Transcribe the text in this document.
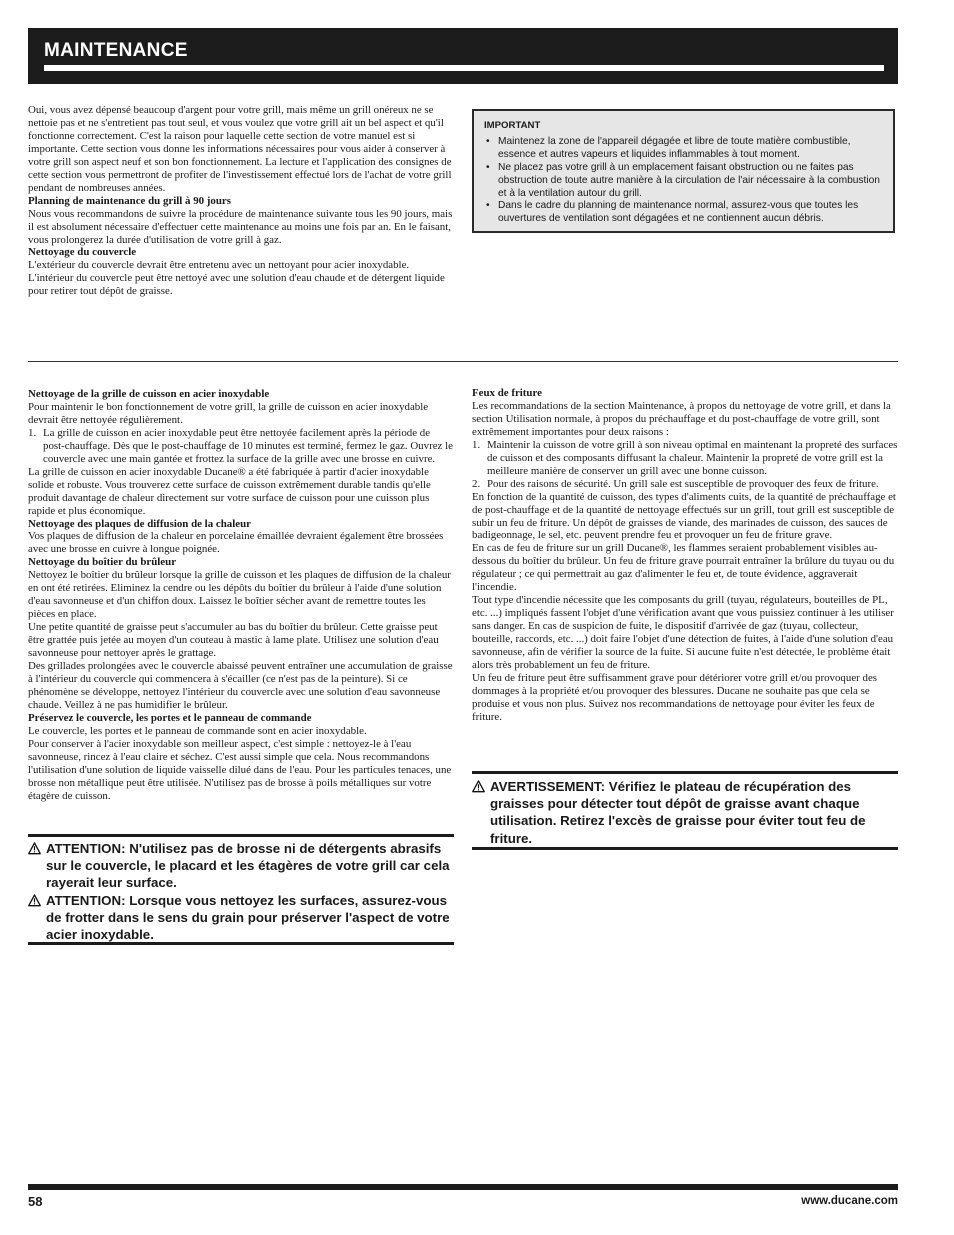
MAINTENANCE

Oui, vous avez dépensé beaucoup d'argent pour votre grill, mais même un grill onéreux ne se nettoie pas et ne s'entretient pas tout seul, et vous voulez que votre grill ait un bel aspect et qu'il fonctionne correctement. C'est la raison pour laquelle cette section de votre manuel est si importante. Cette section vous donne les informations nécessaires pour vous aider à conserver à votre grill son aspect neuf et son bon fonctionnement. La lecture et l'application des consignes de cette section vous permettront de profiter de l'investissement effectué lors de l'achat de votre grill pendant de nombreuses années.

Planning de maintenance du grill à 90 jours

Nous vous recommandons de suivre la procédure de maintenance suivante tous les 90 jours, mais il est absolument nécessaire d'effectuer cette maintenance au moins une fois par an. En le faisant, vous prolongerez la durée d'utilisation de votre grill à gaz.

Nettoyage du couvercle

L'extérieur du couvercle devrait être entretenu avec un nettoyant pour acier inoxydable. L'intérieur du couvercle peut être nettoyé avec une solution d'eau chaude et de détergent liquide pour retirer tout dépôt de graisse.

IMPORTANT
• Maintenez la zone de l'appareil dégagée et libre de toute matière combustible, essence et autres vapeurs et liquides inflammables à tout moment.
• Ne placez pas votre grill à un emplacement faisant obstruction ou ne faites pas obstruction de toute autre manière à la circulation de l'air nécessaire à la combustion et à la ventilation autour du grill.
• Dans le cadre du planning de maintenance normal, assurez-vous que toutes les ouvertures de ventilation sont dégagées et ne contiennent aucun débris.

Nettoyage de la grille de cuisson en acier inoxydable

Pour maintenir le bon fonctionnement de votre grill, la grille de cuisson en acier inoxydable devrait être nettoyée régulièrement.

1. La grille de cuisson en acier inoxydable peut être nettoyée facilement après la période de post-chauffage. Dès que le post-chauffage de 10 minutes est terminé, fermez le gaz. Ouvrez le couvercle avec une main gantée et frottez la surface de la grille avec une brosse en cuivre.

La grille de cuisson en acier inoxydable Ducane® a été fabriquée à partir d'acier inoxydable solide et robuste. Vous trouverez cette surface de cuisson extrêmement durable tandis qu'elle produit davantage de chaleur directement sur votre surface de cuisson pour une cuisson plus rapide et plus économique.

Nettoyage des plaques de diffusion de la chaleur

Vos plaques de diffusion de la chaleur en porcelaine émaillée devraient également être brossées avec une brosse en cuivre à longue poignée.

Nettoyage du boîtier du brûleur

Nettoyez le boîtier du brûleur lorsque la grille de cuisson et les plaques de diffusion de la chaleur en ont été retirées. Eliminez la cendre ou les dépôts du boîtier du brûleur à l'aide d'une solution d'eau savonneuse et d'un chiffon doux. Laissez le boîtier sécher avant de remettre toutes les pièces en place.

Une petite quantité de graisse peut s'accumuler au bas du boîtier du brûleur. Cette graisse peut être grattée puis jetée au moyen d'un couteau à mastic à lame plate. Utilisez une solution d'eau savonneuse pour nettoyer après le grattage.

Des grillades prolongées avec le couvercle abaissé peuvent entraîner une accumulation de graisse à l'intérieur du couvercle qui commencera à s'écailler (ce n'est pas de la peinture). Si ce phénomène se développe, nettoyez l'intérieur du couvercle avec une solution d'eau savonneuse chaude. Veillez à ne pas humidifier le brûleur.

Préservez le couvercle, les portes et le panneau de commande

Le couvercle, les portes et le panneau de commande sont en acier inoxydable.

Pour conserver à l'acier inoxydable son meilleur aspect, c'est simple : nettoyez-le à l'eau savonneuse, rincez à l'eau claire et séchez. C'est aussi simple que cela. Nous recommandons l'utilisation d'une solution de liquide vaisselle dilué dans de l'eau. Pour les particules tenaces, une brosse non métallique peut être utilisée. N'utilisez pas de brosse à poils métalliques sur votre étagère de cuisson.

ATTENTION: N'utilisez pas de brosse ni de détergents abrasifs sur le couvercle, le placard et les étagères de votre grill car cela rayerait leur surface.
ATTENTION: Lorsque vous nettoyez les surfaces, assurez-vous de frotter dans le sens du grain pour préserver l'aspect de votre acier inoxydable.

Feux de friture

Les recommandations de la section Maintenance, à propos du nettoyage de votre grill, et dans la section Utilisation normale, à propos du préchauffage et du post-chauffage de votre grill, sont extrêmement importantes pour deux raisons :

1. Maintenir la cuisson de votre grill à son niveau optimal en maintenant la propreté des surfaces de cuisson et des composants diffusant la chaleur. Maintenir la propreté de votre grill est la meilleure manière de conserver un grill avec une bonne cuisson.
2. Pour des raisons de sécurité. Un grill sale est susceptible de provoquer des feux de friture.

En fonction de la quantité de cuisson, des types d'aliments cuits, de la quantité de préchauffage et de post-chauffage et de la quantité de nettoyage effectués sur un grill, tout grill est susceptible de subir un feu de friture. Un dépôt de graisses de viande, des marinades de cuisson, des sauces de badigeonnage, le sel, etc. peuvent prendre feu et provoquer un feu de friture grave.

En cas de feu de friture sur un grill Ducane®, les flammes seraient probablement visibles au-dessous du boîtier du brûleur. Un feu de friture grave pourrait entraîner la brûlure du tuyau ou du régulateur ; ce qui permettrait au gaz d'alimenter le feu et, de toute évidence, aggraverait l'incendie.

Tout type d'incendie nécessite que les composants du grill (tuyau, régulateurs, bouteilles de PL, etc. ...) impliqués fassent l'objet d'une vérification avant que vous puissiez continuer à les utiliser sans danger. En cas de suspicion de fuite, le dispositif d'arrivée de gaz (tuyau, collecteur, bouteille, raccords, etc. ...) doit faire l'objet d'une détection de fuites, à l'aide d'une solution d'eau savonneuse, afin de vérifier la source de la fuite. Si aucune fuite n'est détectée, le problème était alors très probablement un feu de friture.

Un feu de friture peut être suffisamment grave pour détériorer votre grill et/ou provoquer des dommages à la propriété et/ou provoquer des blessures. Ducane ne souhaite pas que cela se produise et vous non plus. Suivez nos recommandations de nettoyage pour éviter les feux de friture.

AVERTISSEMENT: Vérifiez le plateau de récupération des graisses pour détecter tout dépôt de graisse avant chaque utilisation. Retirez l'excès de graisse pour éviter tout feu de friture.
58	www.ducane.com
